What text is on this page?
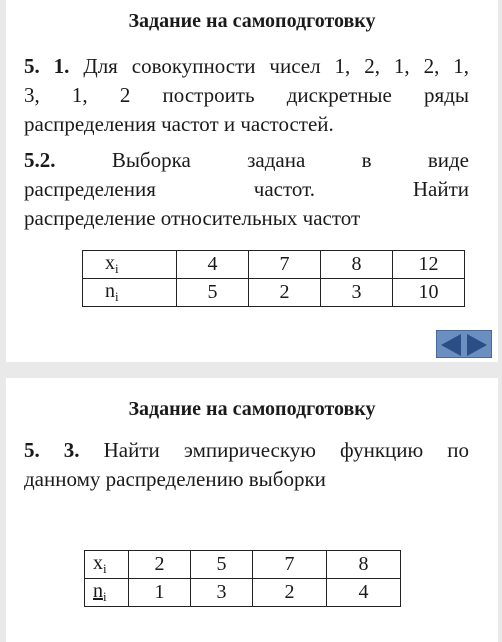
Задание на самоподготовку
5. 1. Для совокупности чисел 1, 2, 1, 2, 1,
3, 1, 2 построить дискретные ряды
распределения частот и частостей.
5.2.	Выборка задана в виде
распределения частот. Найти
распределение относительных частот
$x_i$	4	7	8	12
$n_i$	5	2	3	10
Задание на самоподготовку
5. 3. Найти эмпирическую функцию по
данному распределению выборки
$x_i$	2	5	7	8
$n_i$	1	3	2	4
